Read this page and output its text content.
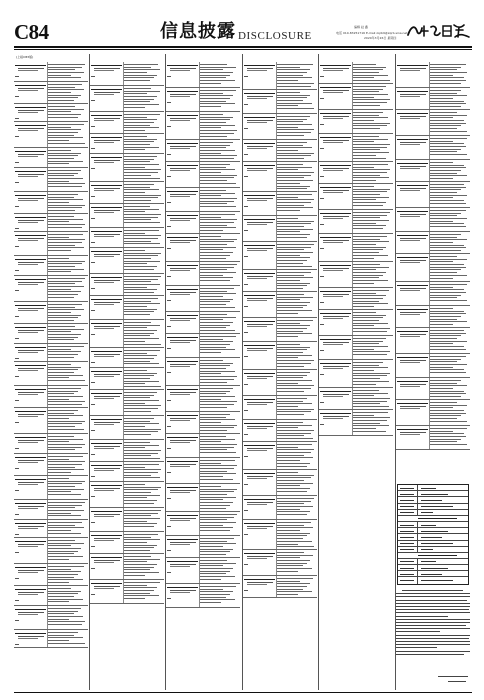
C84	信息披露 DISCLOSURE
编辑 赵 鑫
电话 010-83251716 E-mail zqrb9@zqrb.sina.net
2020年3月26日 星期四
(上接C83版)
